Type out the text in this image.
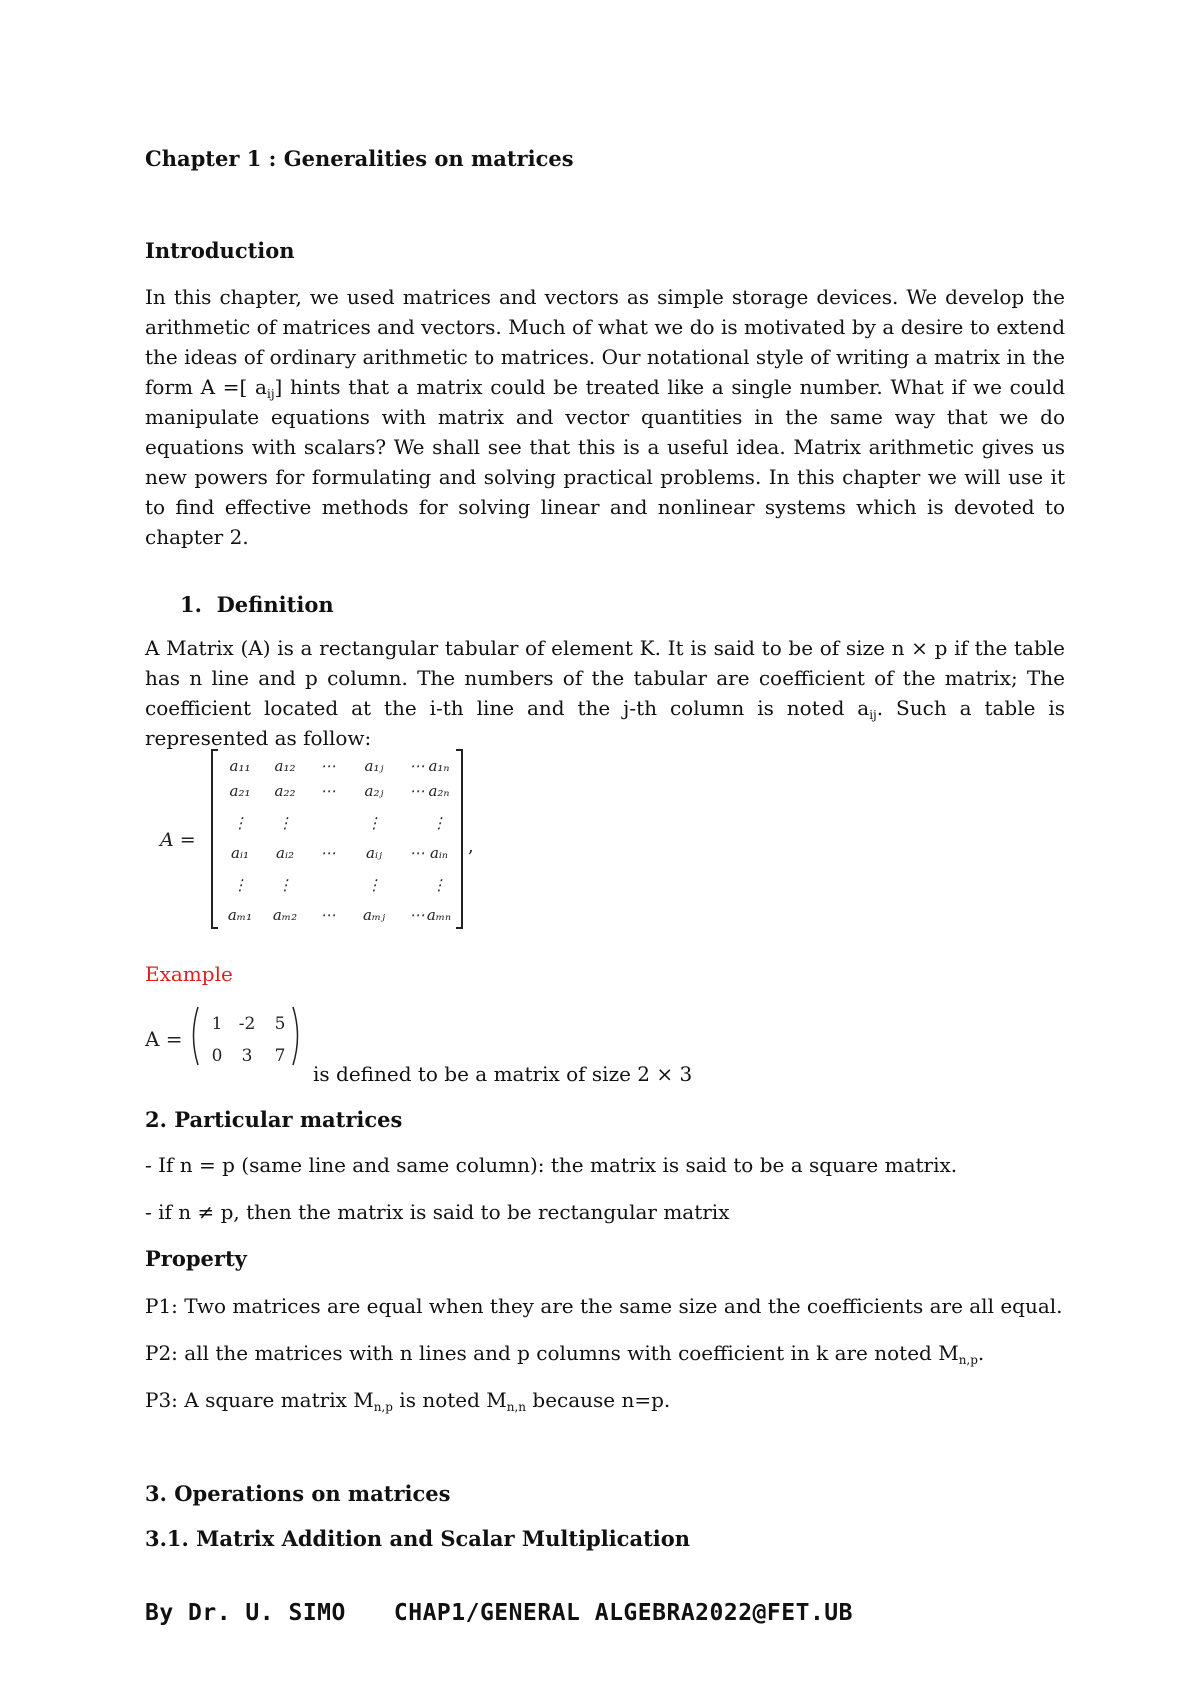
Chapter 1 : Generalities on matrices
Introduction

In this chapter, we used matrices and vectors as simple storage devices. We develop the arithmetic of matrices and vectors. Much of what we do is motivated by a desire to extend the ideas of ordinary arithmetic to matrices. Our notational style of writing a matrix in the form A =[ $a_{ij}$] hints that a matrix could be treated like a single number. What if we could manipulate equations with matrix and vector quantities in the same way that we do equations with scalars? We shall see that this is a useful idea. Matrix arithmetic gives us new powers for formulating and solving practical problems. In this chapter we will use it to find effective methods for solving linear and nonlinear systems which is devoted to chapter 2.

1. Definition

A Matrix (A) is a rectangular tabular of element K. It is said to be of size n × p if the table has n line and p column. The numbers of the tabular are coefficient of the matrix; The coefficient located at the i-th line and the j-th column is noted $a_{ij}$. Such a table is represented as follow:

A =
a₁₁ a₁₂ ⋯ a₁ⱼ ⋯ a₁ₙ
a₂₁ a₂₂ ⋯ a₂ⱼ ⋯ a₂ₙ
⋮ ⋮	⋮	⋮
aᵢ₁ aᵢ₂ ⋯ aᵢⱼ ⋯ aᵢₙ
⋮ ⋮	⋮	⋮
aₘ₁ aₘ₂ ⋯ aₘⱼ ⋯ aₘₙ
,
Example
A =
1 -2 5
0 3 7
is defined to be a matrix of size 2 × 3
2. Particular matrices
- If n = p (same line and same column): the matrix is said to be a square matrix.
- if n ≠ p, then the matrix is said to be rectangular matrix
Property
P1: Two matrices are equal when they are the same size and the coefficients are all equal.
P2: all the matrices with n lines and p columns with coefficient in k are noted $M_{n,p}$.
P3: A square matrix $M_{n,p}$ is noted $M_{n,n}$ because n=p.
3. Operations on matrices
3.1. Matrix Addition and Scalar Multiplication
By Dr. U. SIMO CHAP1/GENERAL ALGEBRA2022@FET.UB
